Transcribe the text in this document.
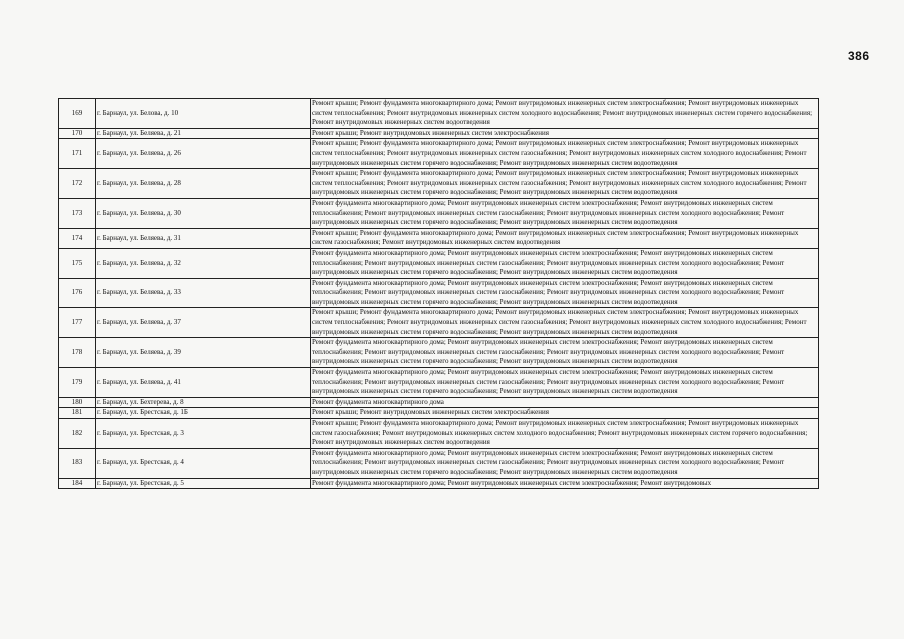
386
169	г. Барнаул, ул. Белова, д. 10	Ремонт крыши; Ремонт фундамента многоквартирного дома; Ремонт внутридомовых инженерных систем электроснабжения; Ремонт внутридомовых инженерных систем теплоснабжения; Ремонт внутридомовых инженерных систем холодного водоснабжения; Ремонт внутридомовых инженерных систем горячего водоснабжения; Ремонт внутридомовых инженерных систем водоотведения
170	г. Барнаул, ул. Беляева, д. 21	Ремонт крыши; Ремонт внутридомовых инженерных систем электроснабжения
171	г. Барнаул, ул. Беляева, д. 26	Ремонт крыши; Ремонт фундамента многоквартирного дома; Ремонт внутридомовых инженерных систем электроснабжения; Ремонт внутридомовых инженерных систем теплоснабжения; Ремонт внутридомовых инженерных систем газоснабжения; Ремонт внутридомовых инженерных систем холодного водоснабжения; Ремонт внутридомовых инженерных систем горячего водоснабжения; Ремонт внутридомовых инженерных систем водоотведения
172	г. Барнаул, ул. Беляева, д. 28	Ремонт крыши; Ремонт фундамента многоквартирного дома; Ремонт внутридомовых инженерных систем электроснабжения; Ремонт внутридомовых инженерных систем теплоснабжения; Ремонт внутридомовых инженерных систем газоснабжения; Ремонт внутридомовых инженерных систем холодного водоснабжения; Ремонт внутридомовых инженерных систем горячего водоснабжения; Ремонт внутридомовых инженерных систем водоотведения
173	г. Барнаул, ул. Беляева, д. 30	Ремонт фундамента многоквартирного дома; Ремонт внутридомовых инженерных систем электроснабжения; Ремонт внутридомовых инженерных систем теплоснабжения; Ремонт внутридомовых инженерных систем газоснабжения; Ремонт внутридомовых инженерных систем холодного водоснабжения; Ремонт внутридомовых инженерных систем горячего водоснабжения; Ремонт внутридомовых инженерных систем водоотведения
174	г. Барнаул, ул. Беляева, д. 31	Ремонт крыши; Ремонт фундамента многоквартирного дома; Ремонт внутридомовых инженерных систем электроснабжения; Ремонт внутридомовых инженерных систем газоснабжения; Ремонт внутридомовых инженерных систем водоотведения
175	г. Барнаул, ул. Беляева, д. 32	Ремонт фундамента многоквартирного дома; Ремонт внутридомовых инженерных систем электроснабжения; Ремонт внутридомовых инженерных систем теплоснабжения; Ремонт внутридомовых инженерных систем газоснабжения; Ремонт внутридомовых инженерных систем холодного водоснабжения; Ремонт внутридомовых инженерных систем горячего водоснабжения; Ремонт внутридомовых инженерных систем водоотведения
176	г. Барнаул, ул. Беляева, д. 33	Ремонт фундамента многоквартирного дома; Ремонт внутридомовых инженерных систем электроснабжения; Ремонт внутридомовых инженерных систем теплоснабжения; Ремонт внутридомовых инженерных систем газоснабжения; Ремонт внутридомовых инженерных систем холодного водоснабжения; Ремонт внутридомовых инженерных систем горячего водоснабжения; Ремонт внутридомовых инженерных систем водоотведения
177	г. Барнаул, ул. Беляева, д. 37	Ремонт крыши; Ремонт фундамента многоквартирного дома; Ремонт внутридомовых инженерных систем электроснабжения; Ремонт внутридомовых инженерных систем теплоснабжения; Ремонт внутридомовых инженерных систем газоснабжения; Ремонт внутридомовых инженерных систем холодного водоснабжения; Ремонт внутридомовых инженерных систем горячего водоснабжения; Ремонт внутридомовых инженерных систем водоотведения
178	г. Барнаул, ул. Беляева, д. 39	Ремонт фундамента многоквартирного дома; Ремонт внутридомовых инженерных систем электроснабжения; Ремонт внутридомовых инженерных систем теплоснабжения; Ремонт внутридомовых инженерных систем газоснабжения; Ремонт внутридомовых инженерных систем холодного водоснабжения; Ремонт внутридомовых инженерных систем горячего водоснабжения; Ремонт внутридомовых инженерных систем водоотведения
179	г. Барнаул, ул. Беляева, д. 41	Ремонт фундамента многоквартирного дома; Ремонт внутридомовых инженерных систем электроснабжения; Ремонт внутридомовых инженерных систем теплоснабжения; Ремонт внутридомовых инженерных систем газоснабжения; Ремонт внутридомовых инженерных систем холодного водоснабжения; Ремонт внутридомовых инженерных систем горячего водоснабжения; Ремонт внутридомовых инженерных систем водоотведения
180	г. Барнаул, ул. Бехтерева, д. 8	Ремонт фундамента многоквартирного дома
181	г. Барнаул, ул. Брестская, д. 1Б	Ремонт крыши; Ремонт внутридомовых инженерных систем электроснабжения
182	г. Барнаул, ул. Брестская, д. 3	Ремонт крыши; Ремонт фундамента многоквартирного дома; Ремонт внутридомовых инженерных систем электроснабжения; Ремонт внутридомовых инженерных систем газоснабжения; Ремонт внутридомовых инженерных систем холодного водоснабжения; Ремонт внутридомовых инженерных систем горячего водоснабжения; Ремонт внутридомовых инженерных систем водоотведения
183	г. Барнаул, ул. Брестская, д. 4	Ремонт фундамента многоквартирного дома; Ремонт внутридомовых инженерных систем электроснабжения; Ремонт внутридомовых инженерных систем теплоснабжения; Ремонт внутридомовых инженерных систем газоснабжения; Ремонт внутридомовых инженерных систем холодного водоснабжения; Ремонт внутридомовых инженерных систем горячего водоснабжения; Ремонт внутридомовых инженерных систем водоотведения
184	г. Барнаул, ул. Брестская, д. 5	Ремонт фундамента многоквартирного дома; Ремонт внутридомовых инженерных систем электроснабжения; Ремонт внутридомовых
